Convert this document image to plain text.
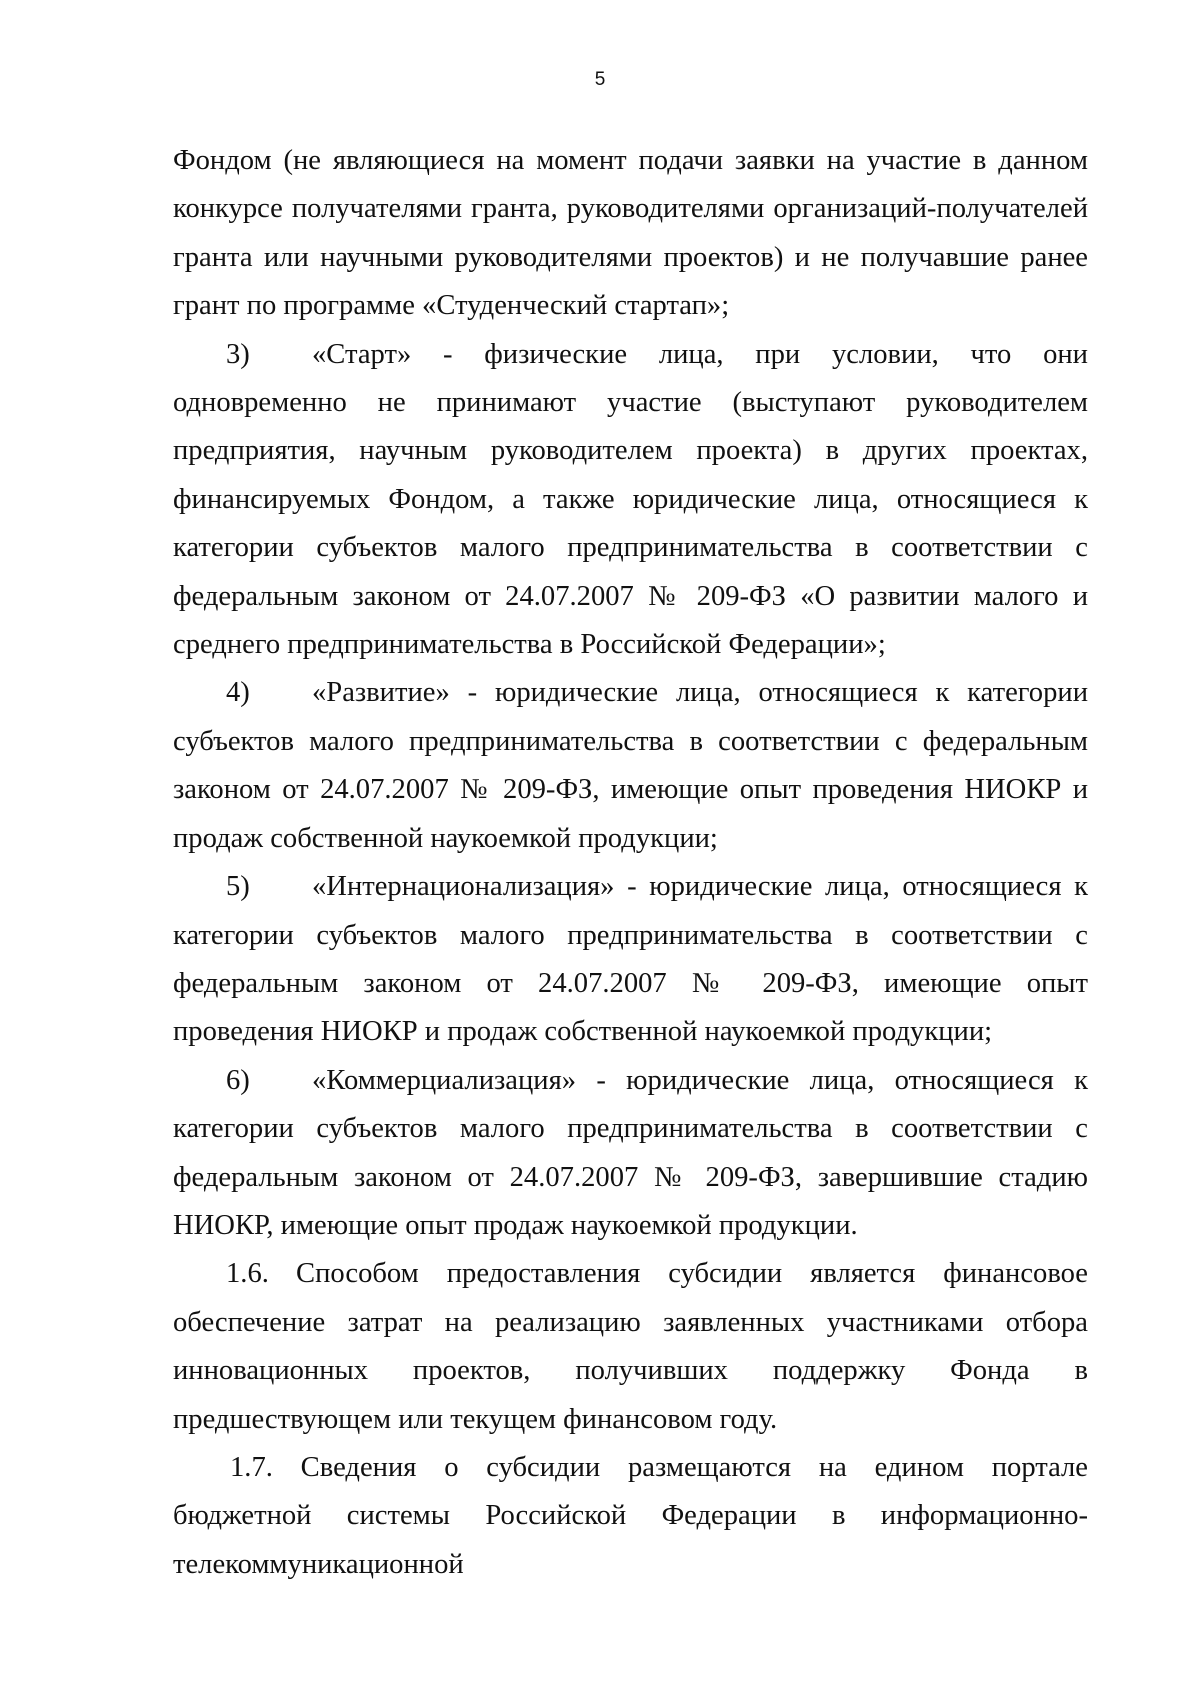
5

Фондом (не являющиеся на момент подачи заявки на участие в данном конкурсе получателями гранта, руководителями организаций-получателей гранта или научными руководителями проектов) и не получавшие ранее грант по программе «Студенческий стартап»;

3) «Старт» - физические лица, при условии, что они одновременно не принимают участие (выступают руководителем предприятия, научным руководителем проекта) в других проектах, финансируемых Фондом, а также юридические лица, относящиеся к категории субъектов малого предпринимательства в соответствии с федеральным законом от 24.07.2007 № 209-ФЗ «О развитии малого и среднего предпринимательства в Российской Федерации»;

4) «Развитие» - юридические лица, относящиеся к категории субъектов малого предпринимательства в соответствии с федеральным законом от 24.07.2007 № 209-ФЗ, имеющие опыт проведения НИОКР и продаж собственной наукоемкой продукции;

5) «Интернационализация» - юридические лица, относящиеся к категории субъектов малого предпринимательства в соответствии с федеральным законом от 24.07.2007 № 209-ФЗ, имеющие опыт проведения НИОКР и продаж собственной наукоемкой продукции;

6) «Коммерциализация» - юридические лица, относящиеся к категории субъектов малого предпринимательства в соответствии с федеральным законом от 24.07.2007 № 209-ФЗ, завершившие стадию НИОКР, имеющие опыт продаж наукоемкой продукции.

1.6. Способом предоставления субсидии является финансовое обеспечение затрат на реализацию заявленных участниками отбора инновационных проектов, получивших поддержку Фонда в предшествующем или текущем финансовом году.

1.7. Сведения о субсидии размещаются на едином портале бюджетной системы Российской Федерации в информационно-телекоммуникационной
